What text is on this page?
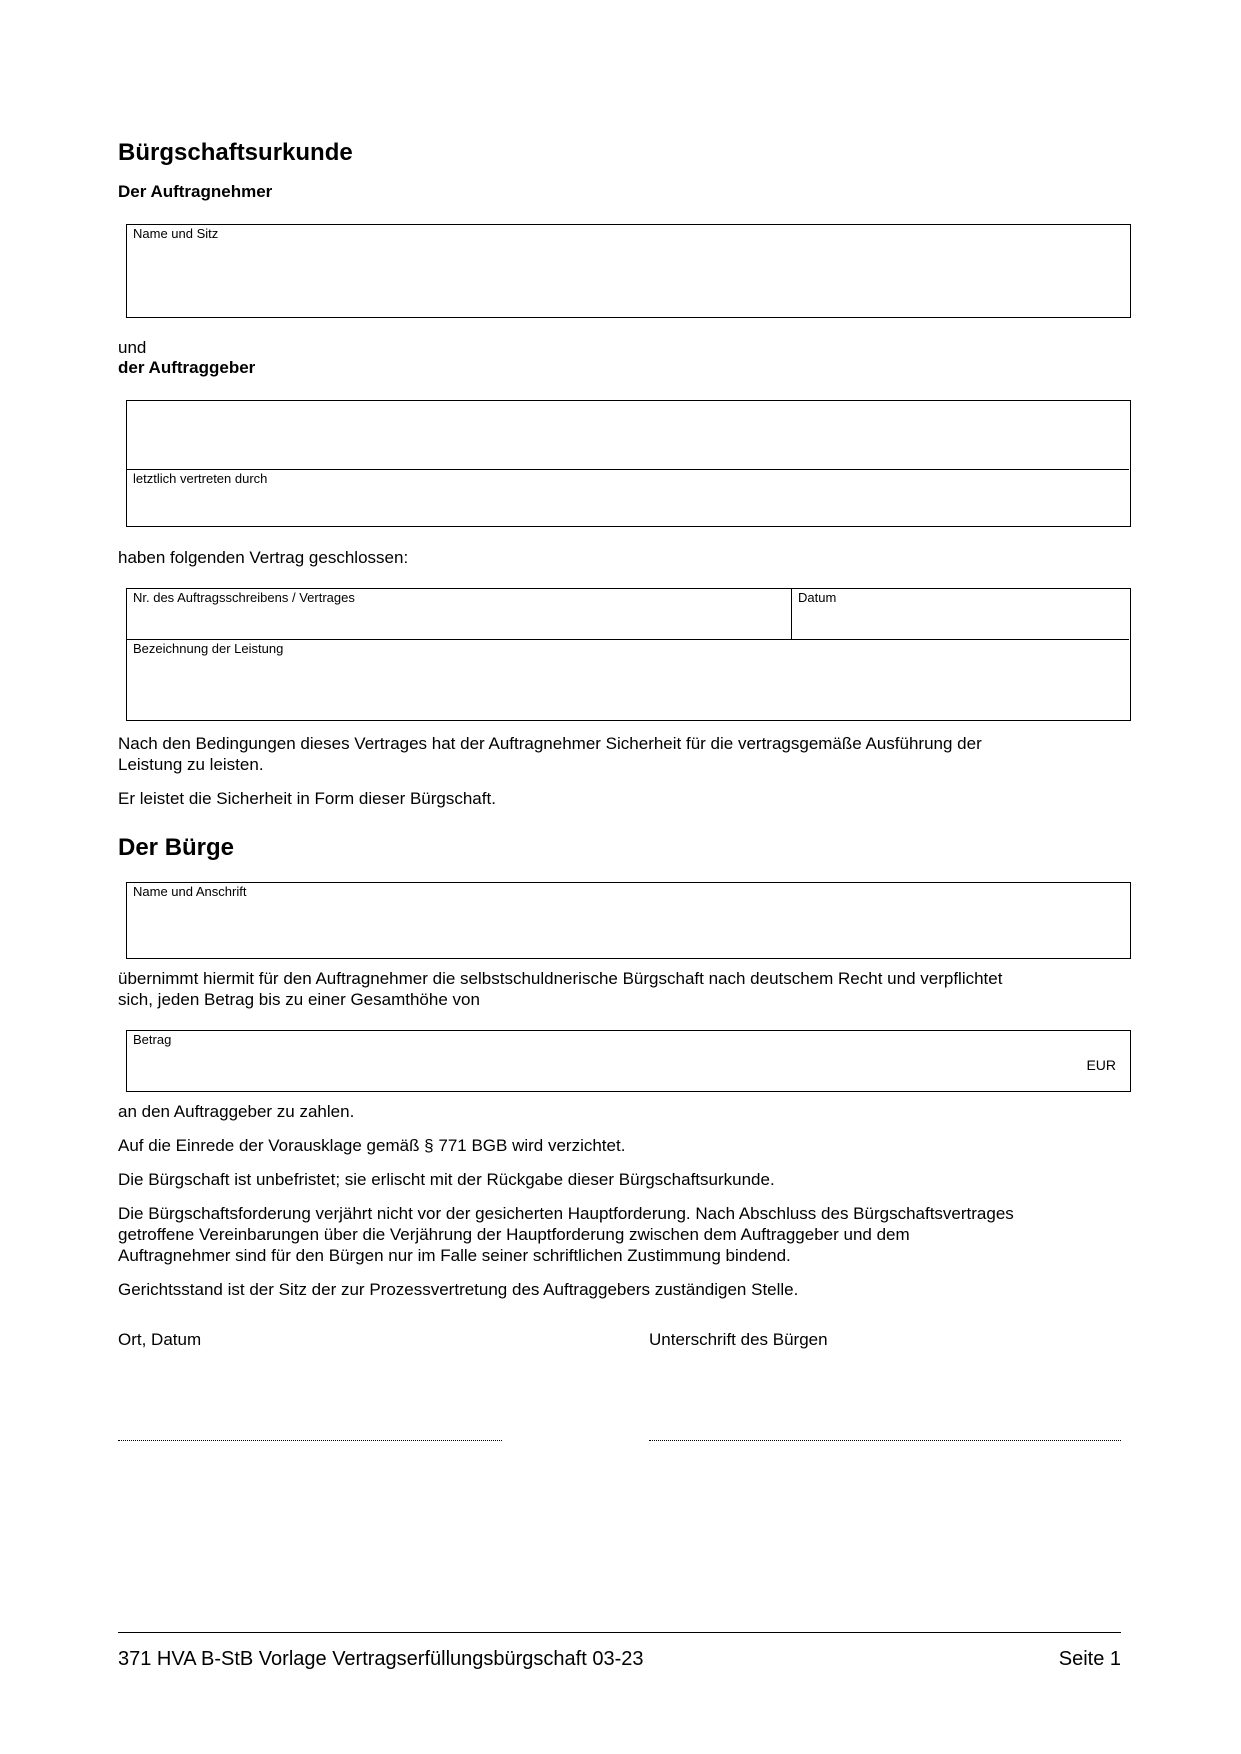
Bürgschaftsurkunde
Der Auftragnehmer
Name und Sitz
und
der Auftraggeber
letztlich vertreten durch
haben folgenden Vertrag geschlossen:
Nr. des Auftragsschreibens / Vertrages	Datum
Bezeichnung der Leistung
Nach den Bedingungen dieses Vertrages hat der Auftragnehmer Sicherheit für die vertragsgemäße Ausführung der
Leistung zu leisten.
Er leistet die Sicherheit in Form dieser Bürgschaft.
Der Bürge
Name und Anschrift
übernimmt hiermit für den Auftragnehmer die selbstschuldnerische Bürgschaft nach deutschem Recht und verpflichtet
sich, jeden Betrag bis zu einer Gesamthöhe von
Betrag
EUR
an den Auftraggeber zu zahlen.
Auf die Einrede der Vorausklage gemäß § 771 BGB wird verzichtet.
Die Bürgschaft ist unbefristet; sie erlischt mit der Rückgabe dieser Bürgschaftsurkunde.
Die Bürgschaftsforderung verjährt nicht vor der gesicherten Hauptforderung. Nach Abschluss des Bürgschaftsvertrages
getroffene Vereinbarungen über die Verjährung der Hauptforderung zwischen dem Auftraggeber und dem
Auftragnehmer sind für den Bürgen nur im Falle seiner schriftlichen Zustimmung bindend.
Gerichtsstand ist der Sitz der zur Prozessvertretung des Auftraggebers zuständigen Stelle.
Ort, Datum	Unterschrift des Bürgen
371 HVA B-StB Vorlage Vertragserfüllungsbürgschaft 03-23	Seite 1
